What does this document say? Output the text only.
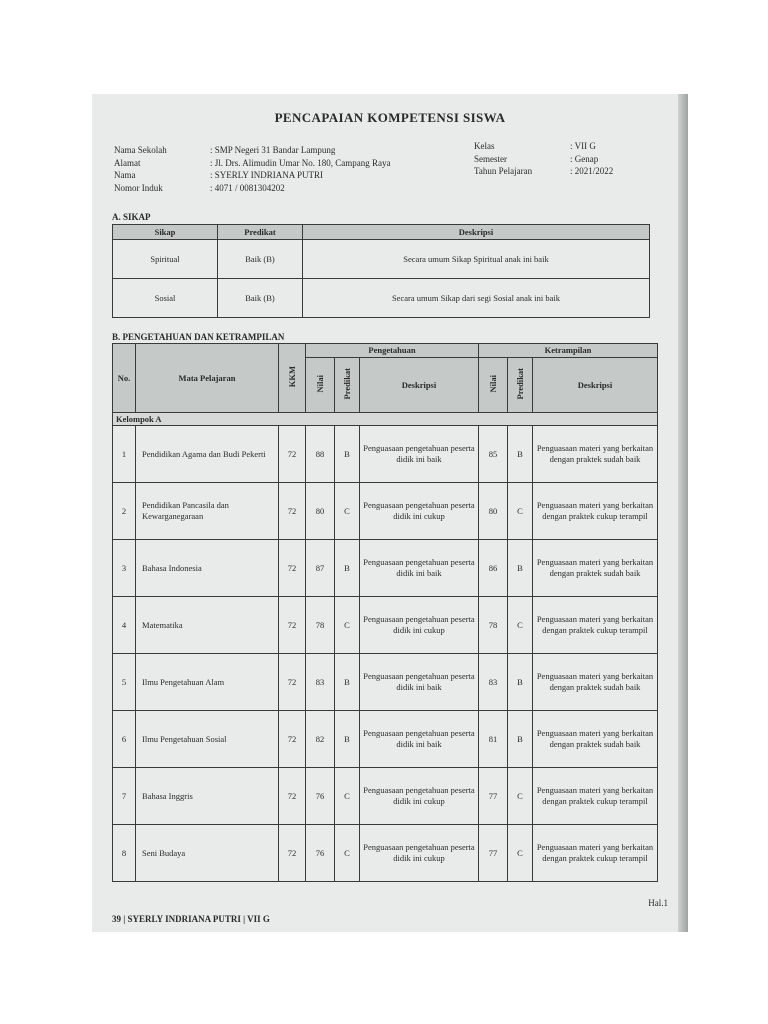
PENCAPAIAN KOMPETENSI SISWA
Nama Sekolah	: SMP Negeri 31 Bandar Lampung
Alamat	: Jl. Drs. Alimudin Umar No. 180, Campang Raya
Nama	: SYERLY INDRIANA PUTRI
Nomor Induk	: 4071 / 0081304202
Kelas	: VII G
Semester	: Genap
Tahun Pelajaran	: 2021/2022
A. SIKAP
Sikap	Predikat	Deskripsi
Spiritual	Baik (B)	Secara umum Sikap Spiritual anak ini baik
Sosial	Baik (B)	Secara umum Sikap dari segi Sosial anak ini baik
B. PENGETAHUAN DAN KETRAMPILAN
No.	Mata Pelajaran	KKM	Pengetahuan			Ketrampilan		
			Nilai	Predikat	Deskripsi	Nilai	Predikat	Deskripsi
Kelompok A								
1	Pendidikan Agama dan Budi Pekerti	72	88	B	Penguasaan pengetahuan peserta didik ini baik	85	B	Penguasaan materi yang berkaitan dengan praktek sudah baik
2	Pendidikan Pancasila dan Kewarganegaraan	72	80	C	Penguasaan pengetahuan peserta didik ini cukup	80	C	Penguasaan materi yang berkaitan dengan praktek cukup terampil
3	Bahasa Indonesia	72	87	B	Penguasaan pengetahuan peserta didik ini baik	86	B	Penguasaan materi yang berkaitan dengan praktek sudah baik
4	Matematika	72	78	C	Penguasaan pengetahuan peserta didik ini cukup	78	C	Penguasaan materi yang berkaitan dengan praktek cukup terampil
5	Ilmu Pengetahuan Alam	72	83	B	Penguasaan pengetahuan peserta didik ini baik	83	B	Penguasaan materi yang berkaitan dengan praktek sudah baik
6	Ilmu Pengetahuan Sosial	72	82	B	Penguasaan pengetahuan peserta didik ini baik	81	B	Penguasaan materi yang berkaitan dengan praktek sudah baik
7	Bahasa Inggris	72	76	C	Penguasaan pengetahuan peserta didik ini cukup	77	C	Penguasaan materi yang berkaitan dengan praktek cukup terampil
8	Seni Budaya	72	76	C	Penguasaan pengetahuan peserta didik ini cukup	77	C	Penguasaan materi yang berkaitan dengan praktek cukup terampil
Hal.1
39 | SYERLY INDRIANA PUTRI | VII G
